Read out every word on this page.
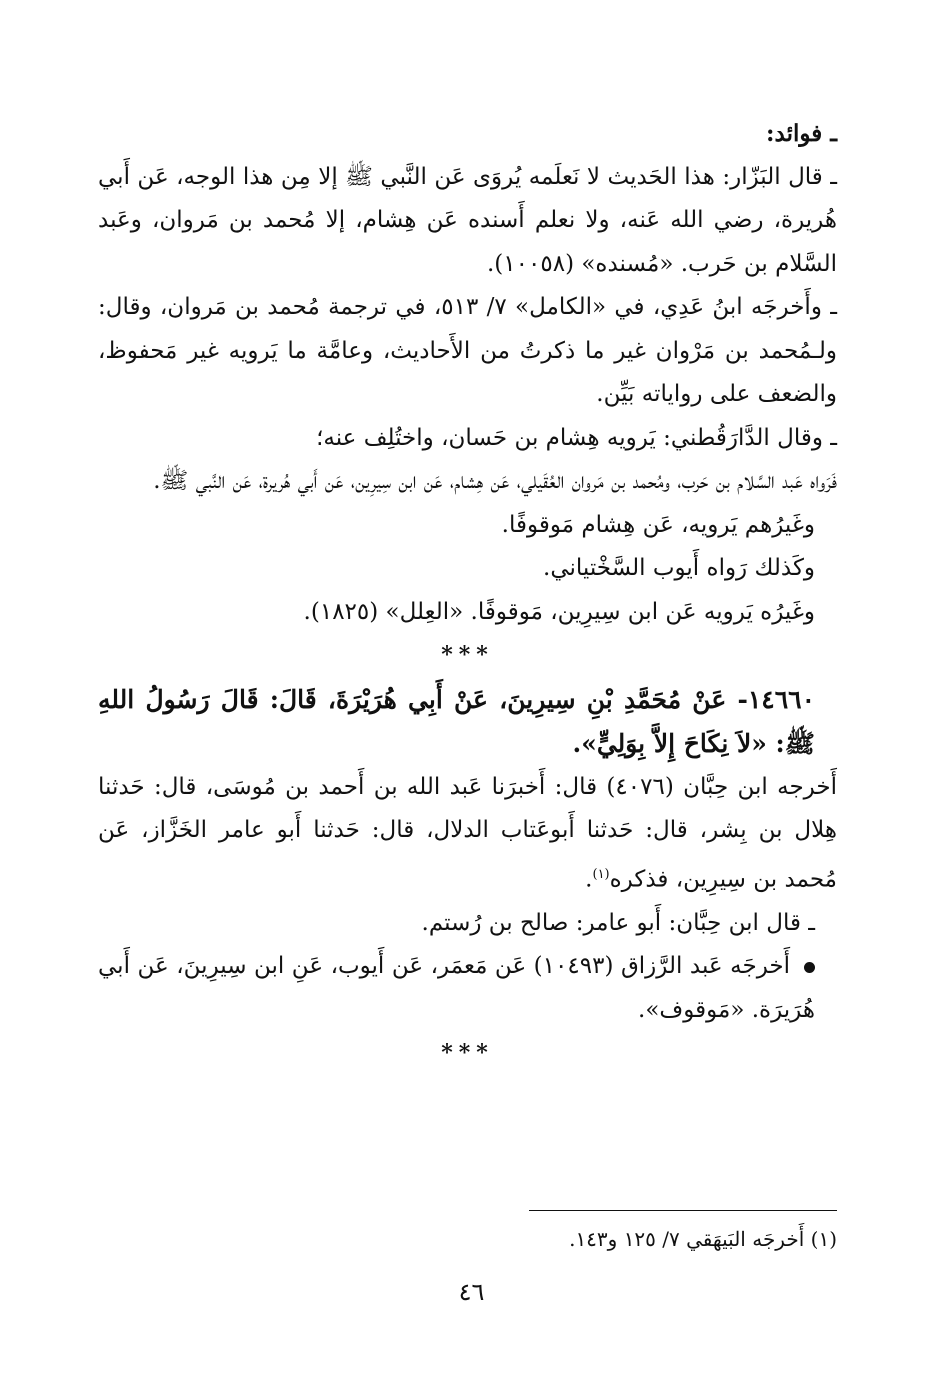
ـ فوائد:

ـ قال البَزّار: هذا الحَديث لا نَعلَمه يُروَى عَن النَّبي ﷺ إلا مِن هذا الوجه، عَن أَبي هُريرة، رضي الله عَنه، ولا نعلم أَسنده عَن هِشام، إلا مُحمد بن مَروان، وعَبد السَّلام بن حَرب. «مُسنده» (١٠٠٥٨).

ـ وأَخرجَه ابنُ عَدِي، في «الكامل» ٧/ ٥١٣، في ترجمة مُحمد بن مَروان، وقال: ولـمُحمد بن مَرْوان غير ما ذكرتُ من الأَحاديث، وعامَّة ما يَرويه غير مَحفوظ، والضعف على رواياته بَيِّن.

ـ وقال الدَّارَقُطني: يَرويه هِشام بن حَسان، واختُلِف عنه؛

فَرَواه عَبد السَّلام بن حَرب، ومُحمد بن مَروان العُقَيلي، عَن هِشام، عَن ابن سِيرِين، عَن أَبي هُريرة، عَن النَّبي ﷺ.

وغَيرُهم يَرويه، عَن هِشام مَوقوفًا.

وكَذلك رَواه أَيوب السَّخْتياني.

وغَيرُه يَرويه عَن ابن سِيرِين، مَوقوفًا. «العِلل» (١٨٢٥).

***

١٤٦٦٠- عَنْ مُحَمَّدِ بْنِ سِيرِينَ، عَنْ أَبِي هُرَيْرَةَ، قَالَ: قَالَ رَسُولُ اللهِ ﷺ: «لاَ نِكَاحَ إِلاَّ بِوَلِيٍّ».

أَخرجه ابن حِبَّان (٤٠٧٦) قال: أَخبرَنا عَبد الله بن أَحمد بن مُوسَى، قال: حَدثنا هِلال بن بِشر، قال: حَدثنا أَبوعَتاب الدلال، قال: حَدثنا أَبو عامر الخَزَّاز، عَن مُحمد بن سِيرِين، فذكره$^{(١)}$.

ـ قال ابن حِبَّان: أَبو عامر: صالح بن رُستم.

أَخرجَه عَبد الرَّزاق (١٠٤٩٣) عَن مَعمَر، عَن أَيوب، عَنِ ابن سِيرِينَ، عَن أَبي هُرَيرَة. «مَوقوف».

***

(١) أَخرجَه البَيهَقي ٧/ ١٢٥ و١٤٣.
٤٦
